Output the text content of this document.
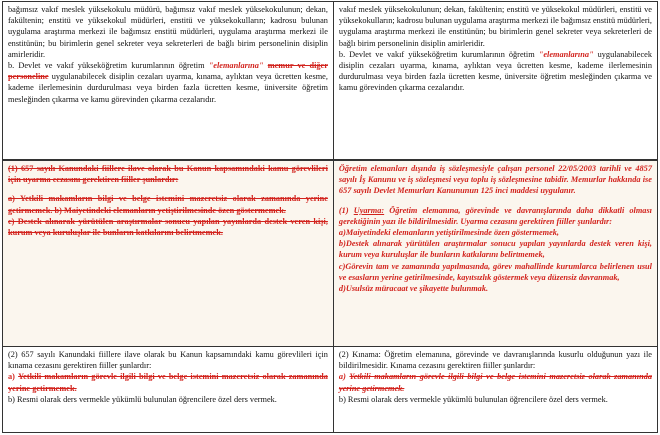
bağımsız vakıf meslek yüksekokulu müdürü, bağımsız vakıf meslek yüksekokulunun; dekan, fakültenin; enstitü ve yüksekokul müdürleri, enstitü ve yüksekokulların; kadrosu bulunan uygulama araştırma merkezi ile bağımsız enstitü müdürleri, uygulama araştırma merkezi ile enstitünün; bu birimlerin genel sekreter veya sekreterleri de bağlı birim personelinin disiplin amirleridir.
b. Devlet ve vakıf yükseköğretim kurumlarının öğretim "elemanlarına" memur ve diğer personeline uygulanabilecek disiplin cezaları uyarma, kınama, aylıktan veya ücretten kesme, kademe ilerlemesinin durdurulması veya birden fazla ücretten kesme, üniversite öğretim mesleğinden çıkarma ve kamu görevinden çıkarma cezalarıdır.
vakıf meslek yüksekokulunun; dekan, fakültenin; enstitü ve yüksekokul müdürleri, enstitü ve yüksekokulların; kadrosu bulunan uygulama araştırma merkezi ile bağımsız enstitü müdürleri, uygulama araştırma merkezi ile enstitünün; bu birimlerin genel sekreter veya sekreterleri de bağlı birim personelinin disiplin amirleridir.
b. Devlet ve vakıf yükseköğretim kurumlarının öğretim "elemanlarına" uygulanabilecek disiplin cezaları uyarma, kınama, aylıktan veya ücretten kesme, kademe ilerlemesinin durdurulması veya birden fazla ücretten kesme, üniversite öğretim mesleğinden çıkarma ve kamu görevinden çıkarma cezalarıdır.
(1) 657 sayılı Kanundaki fiillere ilave olarak bu Kanun kapsamındaki kamu görevlileri için uyarma cezasını gerektiren fiiller şunlardır:
a) Yetkili makamların bilgi ve belge istemini mazeretsiz olarak zamanında yerine getirmemek. b) Maiyetindeki elemanların yetiştirilmesinde özen göstermemek.
c) Destek alınarak yürütülen araştırmalar sonucu yapılan yayınlarda destek veren kişi, kurum veya kuruluşlar ile bunların katkılarını belirtmemek.
Öğretim elemanları dışında iş sözleşmesiyle çalışan personel 22/05/2003 tarihli ve 4857 sayılı İş Kanunu ve iş sözleşmesi veya toplu iş sözleşmesine tabidir. Memurlar hakkında ise 657 sayılı Devlet Memurları Kanununun 125 inci maddesi uygulanır.
(1) Uyarma: Öğretim elemanına, görevinde ve davranışlarında daha dikkatli olması gerektiğinin yazı ile bildirilmesidir. Uyarma cezasını gerektiren fiiller şunlardır:
a)Maiyetindeki elemanların yetiştirilmesinde özen göstermemek,
b)Destek alınarak yürütülen araştırmalar sonucu yapılan yayınlarda destek veren kişi, kurum veya kuruluşlar ile bunların katkılarını belirtmemek,
c)Görevin tam ve zamanında yapılmasında, görev mahallinde kurumlarca belirlenen usul ve esasların yerine getirilmesinde, kayıtsızlık göstermek veya düzensiz davranmak,
d)Usulsüz müracaat ve şikayette bulunmak.
(2) 657 sayılı Kanundaki fiillere ilave olarak bu Kanun kapsamındaki kamu görevlileri için kınama cezasını gerektiren fiiller şunlardır:
a) Yetkili makamların görevle ilgili bilgi ve belge istemini mazeretsiz olarak zamanında yerine getirmemek.
b) Resmi olarak ders vermekle yükümlü bulunulan öğrencilere özel ders vermek.
(2) Kınama: Öğretim elemanına, görevinde ve davranışlarında kusurlu olduğunun yazı ile bildirilmesidir. Kınama cezasını gerektiren fiiller şunlardır:
a) Yetkili makamların görevle ilgili bilgi ve belge istemini mazeretsiz olarak zamanında yerine getirmemek.
b) Resmi olarak ders vermekle yükümlü bulunulan öğrencilere özel ders vermek.
